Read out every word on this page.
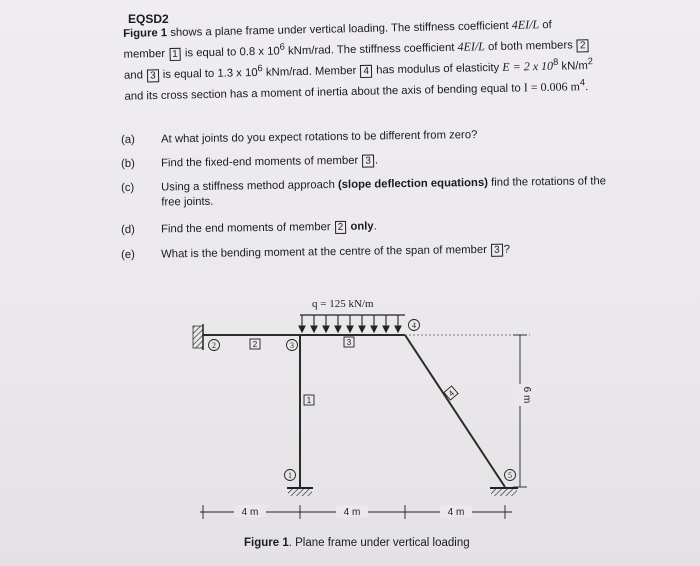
EQSD2
Figure 1 shows a plane frame under vertical loading. The stiffness coefficient 4EI/L of member 1 is equal to 0.8 x $10^6$ kNm/rad. The stiffness coefficient 4EI/L of both members 2 and 3 is equal to 1.3 x $10^6$ kNm/rad. Member 4 has modulus of elasticity E = 2 x $10^8$ $kN/m^2$ and its cross section has a moment of inertia about the axis of bending equal to I = 0.006 $m^4$.
(a)	At what joints do you expect rotations to be different from zero?
(b)	Find the fixed-end moments of member 3 .
(c)	Using a stiffness method approach (slope deflection equations) find the rotations of the free joints.
(d)	Find the end moments of member 2 only.
(e)	What is the bending moment at the centre of the span of member 3 ?
q = 125 kN/m
2	3
4
1	5
2	3
1
4	6 m
4 m	4 m	4 m
Figure 1. Plane frame under vertical loading
